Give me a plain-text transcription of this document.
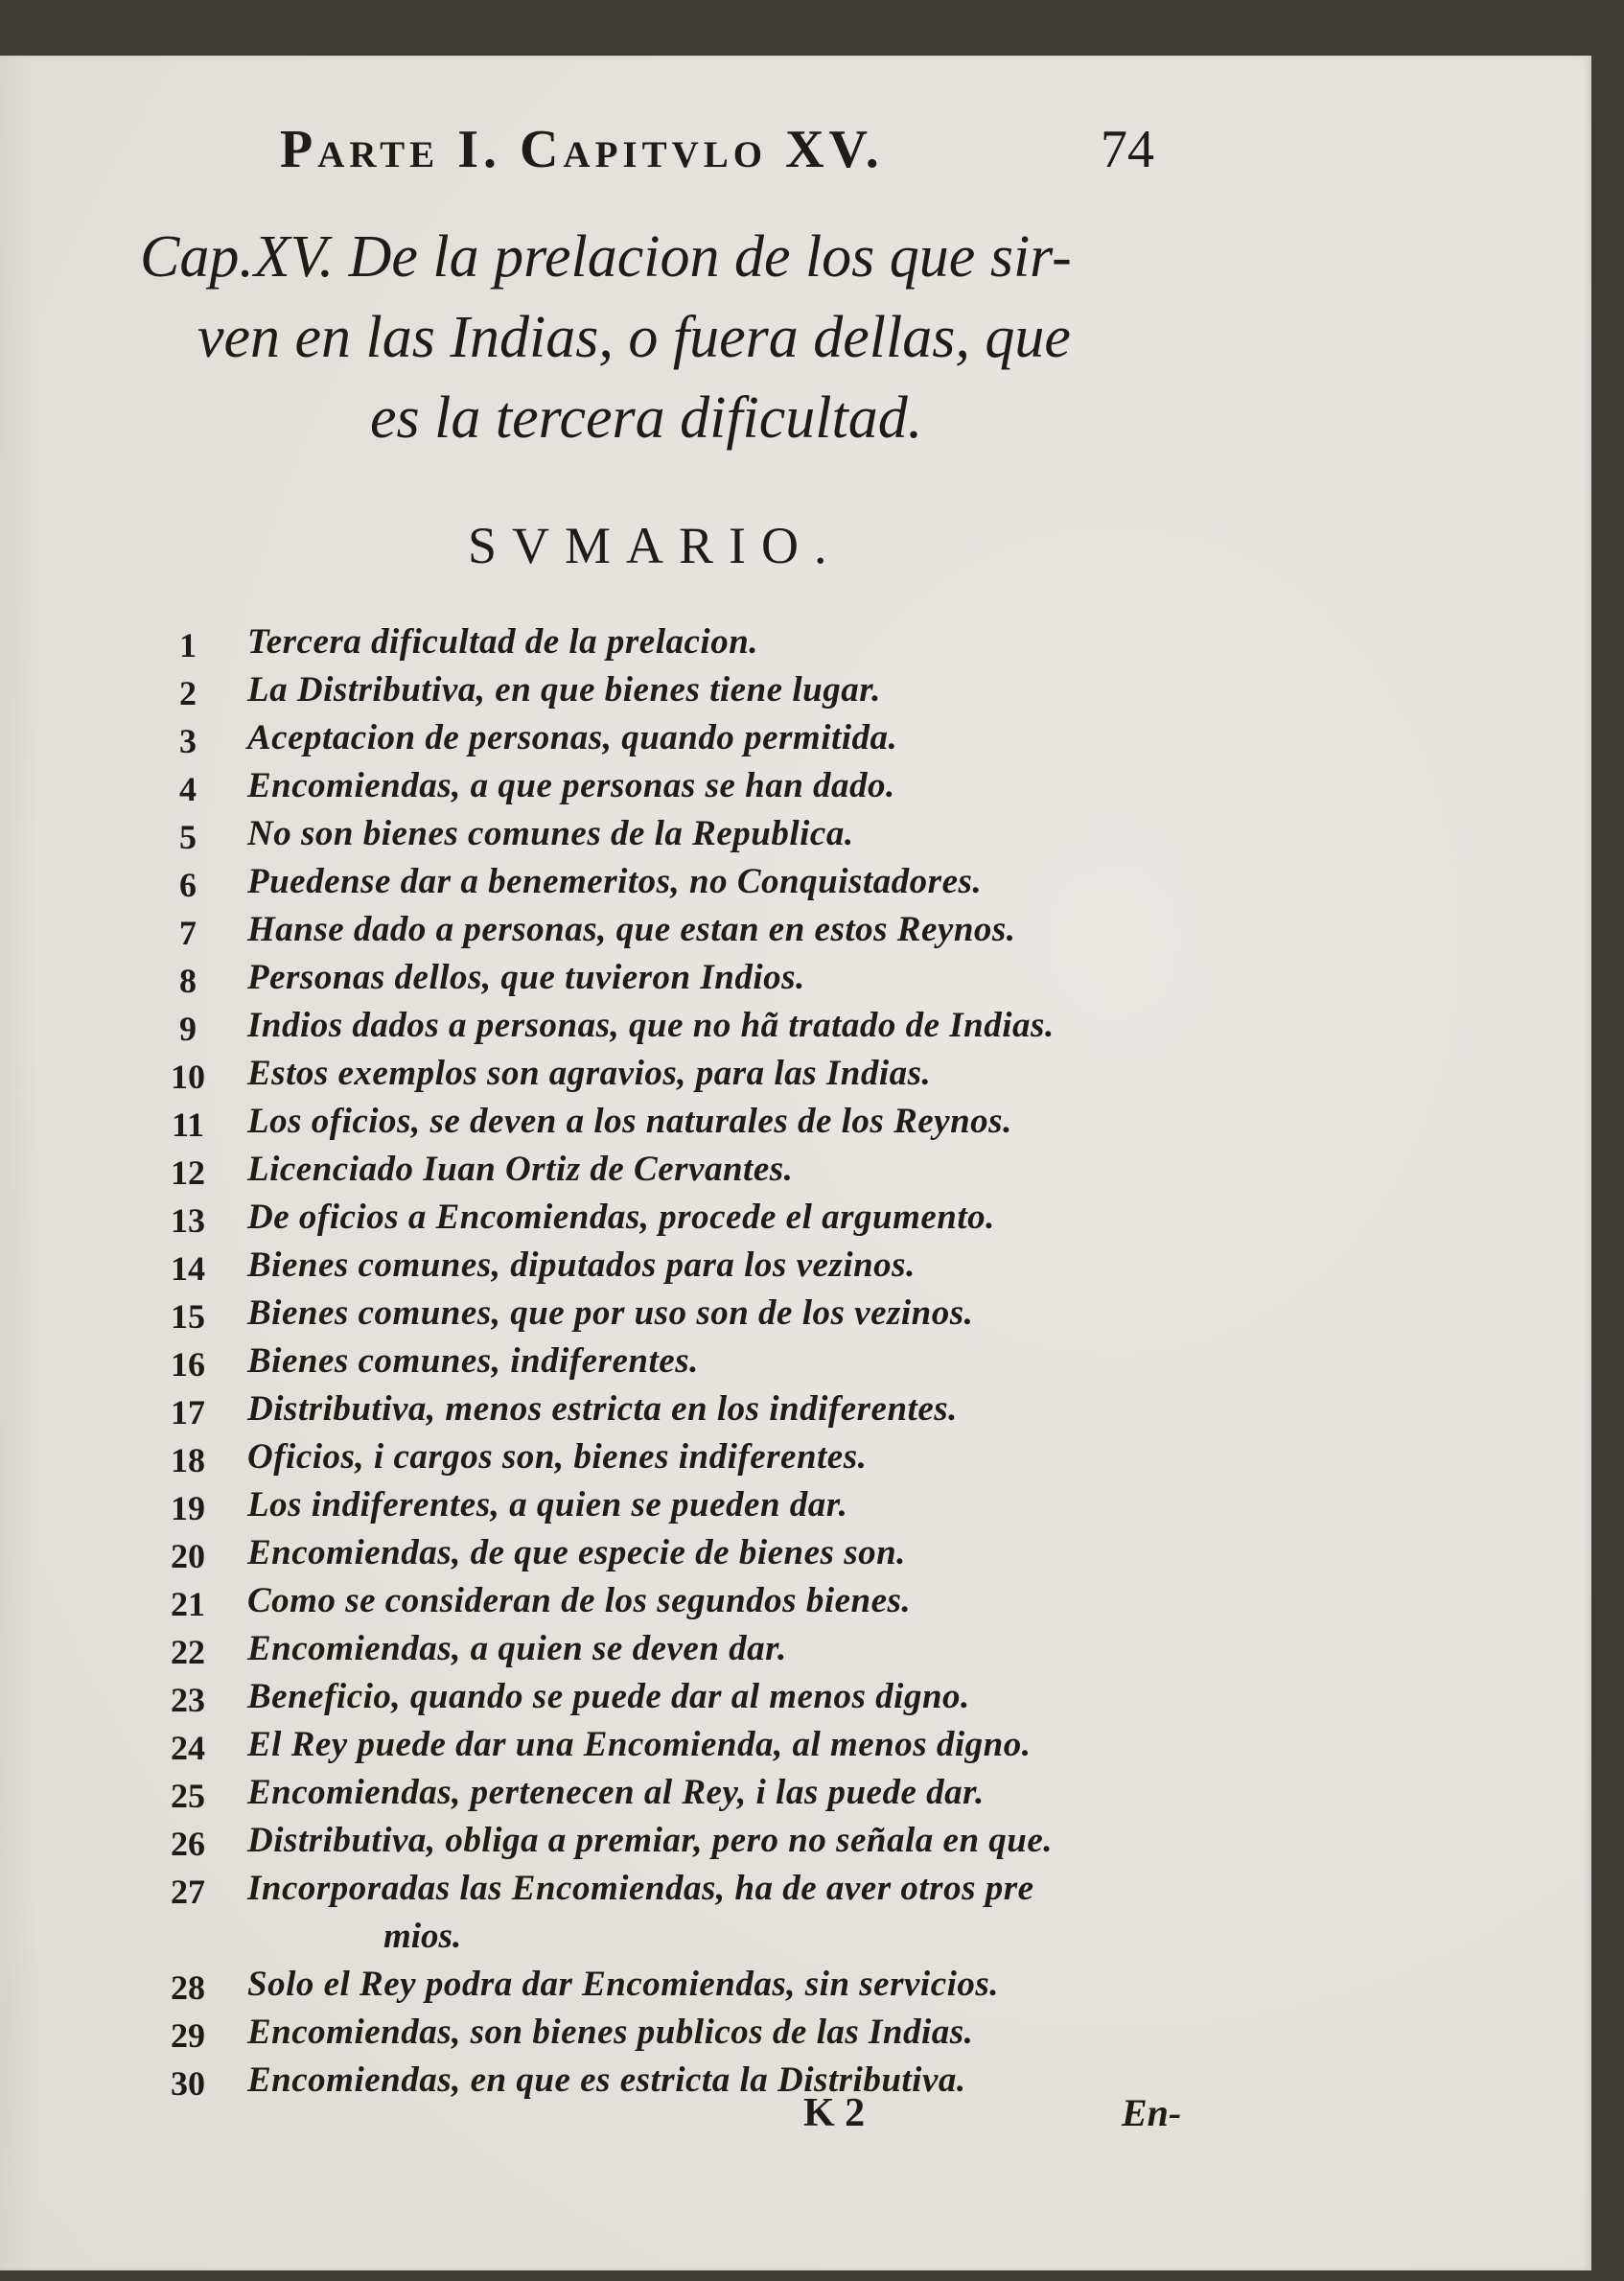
Parte I. Capitvlo XV.	74
Cap.XV. De la prelacion de los que sir-
ven en las Indias, o fuera dellas, que
es la tercera dificultad.
SVMARIO.
1	Tercera dificultad de la prelacion.
2	La Distributiva, en que bienes tiene lugar.
3	Aceptacion de personas, quando permitida.
4	Encomiendas, a que personas se han dado.
5	No son bienes comunes de la Republica.
6	Puedense dar a benemeritos, no Conquistadores.
7	Hanse dado a personas, que estan en estos Reynos.
8	Personas dellos, que tuvieron Indios.
9	Indios dados a personas, que no hã tratado de Indias.
10	Estos exemplos son agravios, para las Indias.
11	Los oficios, se deven a los naturales de los Reynos.
12	Licenciado Iuan Ortiz de Cervantes.
13	De oficios a Encomiendas, procede el argumento.
14	Bienes comunes, diputados para los vezinos.
15	Bienes comunes, que por uso son de los vezinos.
16	Bienes comunes, indiferentes.
17	Distributiva, menos estricta en los indiferentes.
18	Oficios, i cargos son, bienes indiferentes.
19	Los indiferentes, a quien se pueden dar.
20	Encomiendas, de que especie de bienes son.
21	Como se consideran de los segundos bienes.
22	Encomiendas, a quien se deven dar.
23	Beneficio, quando se puede dar al menos digno.
24	El Rey puede dar una Encomienda, al menos digno.
25	Encomiendas, pertenecen al Rey, i las puede dar.
26	Distributiva, obliga a premiar, pero no señala en que.
27	Incorporadas las Encomiendas, ha de aver otros pre
mios.
28	Solo el Rey podra dar Encomiendas, sin servicios.
29	Encomiendas, son bienes publicos de las Indias.
30	Encomiendas, en que es estricta la Distributiva.
K 2	En-
